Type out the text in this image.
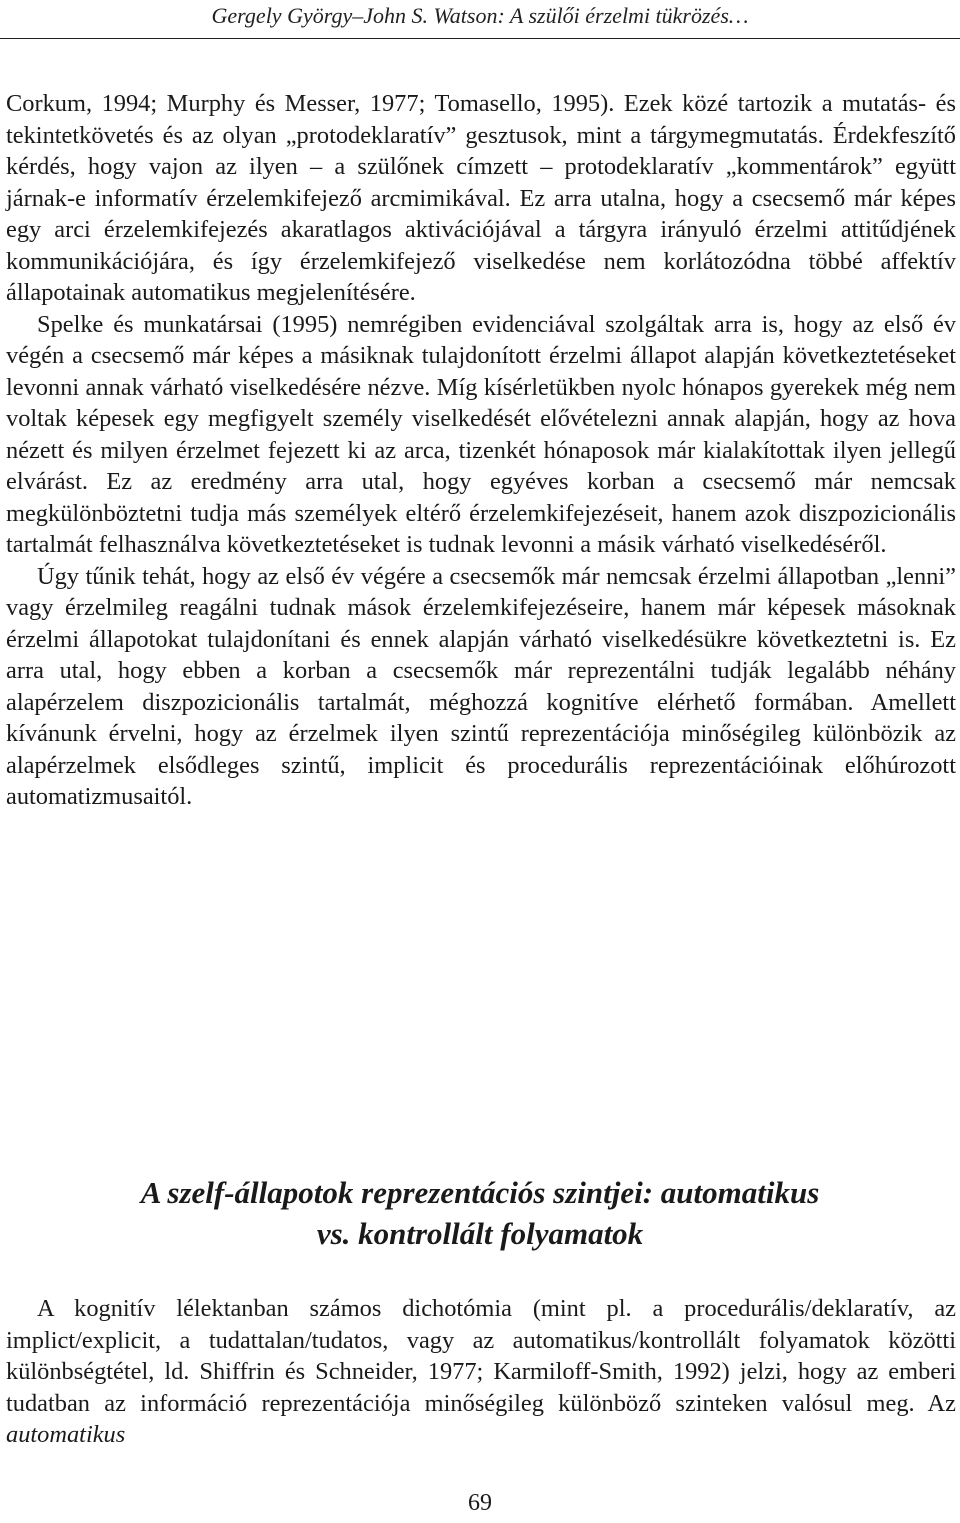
Gergely György–John S. Watson: A szülői érzelmi tükrözés…

Corkum, 1994; Murphy és Messer, 1977; Tomasello, 1995). Ezek közé tartozik a mutatás- és tekintetkövetés és az olyan „protodeklaratív” gesztusok, mint a tárgymegmutatás. Érdekfeszítő kérdés, hogy vajon az ilyen – a szülőnek címzett – protodeklaratív „kommentárok” együtt járnak-e informatív érzelemkifejező arcmimikával. Ez arra utalna, hogy a csecsemő már képes egy arci érzelemkifejezés akaratlagos aktivációjával a tárgyra irányuló érzelmi attitűdjének kommunikációjára, és így érzelemkifejező viselkedése nem korlátozódna többé affektív állapotainak automatikus megjelenítésére.

Spelke és munkatársai (1995) nemrégiben evidenciával szolgáltak arra is, hogy az első év végén a csecsemő már képes a másiknak tulajdonított érzelmi állapot alapján következtetéseket levonni annak várható viselkedésére nézve. Míg kísérletükben nyolc hónapos gyerekek még nem voltak képesek egy megfigyelt személy viselkedését elővételezni annak alapján, hogy az hova nézett és milyen érzelmet fejezett ki az arca, tizenkét hónaposok már kialakítottak ilyen jellegű elvárást. Ez az eredmény arra utal, hogy egyéves korban a csecsemő már nemcsak megkülönböztetni tudja más személyek eltérő érzelemkifejezéseit, hanem azok diszpozicionális tartalmát felhasználva következtetéseket is tudnak levonni a másik várható viselkedéséről.

Úgy tűnik tehát, hogy az első év végére a csecsemők már nemcsak érzelmi állapotban „lenni” vagy érzelmileg reagálni tudnak mások érzelemkifejezéseire, hanem már képesek másoknak érzelmi állapotokat tulajdonítani és ennek alapján várható viselkedésükre következtetni is. Ez arra utal, hogy ebben a korban a csecsemők már reprezentálni tudják legalább néhány alapérzelem diszpozicionális tartalmát, méghozzá kognitíve elérhető formában. Amellett kívánunk érvelni, hogy az érzelmek ilyen szintű reprezentációja minőségileg különbözik az alapérzelmek elsődleges szintű, implicit és procedurális reprezentációinak előhúrozott automatizmusaitól.

A szelf-állapotok reprezentációs szintjei: automatikus
vs. kontrollált folyamatok

A kognitív lélektanban számos dichotómia (mint pl. a procedurális/deklaratív, az implict/explicit, a tudattalan/tudatos, vagy az automatikus/kontrollált folyamatok közötti különbségtétel, ld. Shiffrin és Schneider, 1977; Karmiloff-Smith, 1992) jelzi, hogy az emberi tudatban az információ reprezentációja minőségileg különböző szinteken valósul meg. Az automatikus

69
